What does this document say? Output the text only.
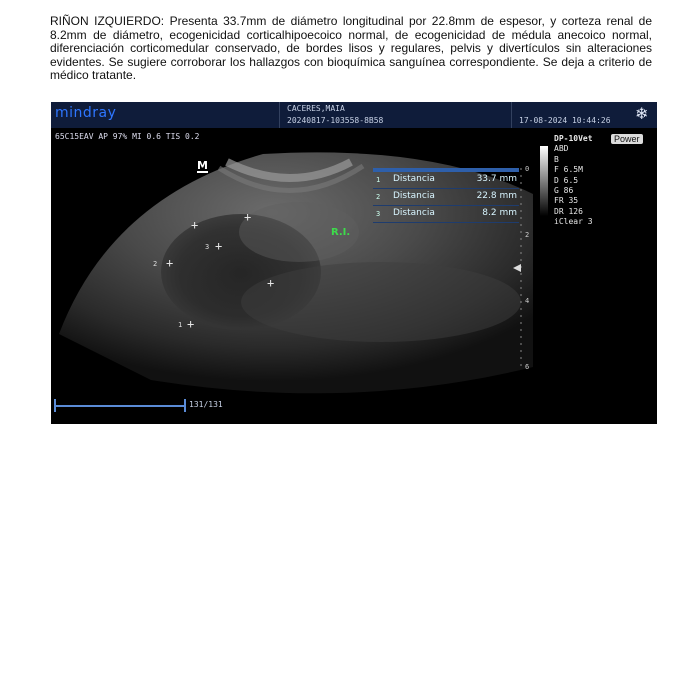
RIÑON IZQUIERDO: Presenta 33.7mm de diámetro longitudinal por 22.8mm de espesor, y corteza renal de 8.2mm de diámetro, ecogenicidad corticalhipoecoico normal, de ecogenicidad de médula anecoico normal, diferenciación corticomedular conservado, de bordes lisos y regulares, pelvis y divertículos sin alteraciones evidentes. Se sugiere corroborar los hallazgos con bioquímica sanguínea correspondiente. Se deja a criterio de médico tratante.
mindray	CACERES,MAIA
20240817-103558-8B58	17-08-2024 10:44:26 ❄
65C15EAV AP 97% MI 0.6 TIS 0.2	DP-10Vet
ABD
B
F 6.5M
D 6.5
G 86
FR 35
DR 126
iClear 3
Power
0
2
4
6
1 Distancia	33.7 mm
2 Distancia	22.8 mm
3 Distancia	8.2 mm
M
R.I.
+
+
+
+
+
+
3
2
1
131/131
